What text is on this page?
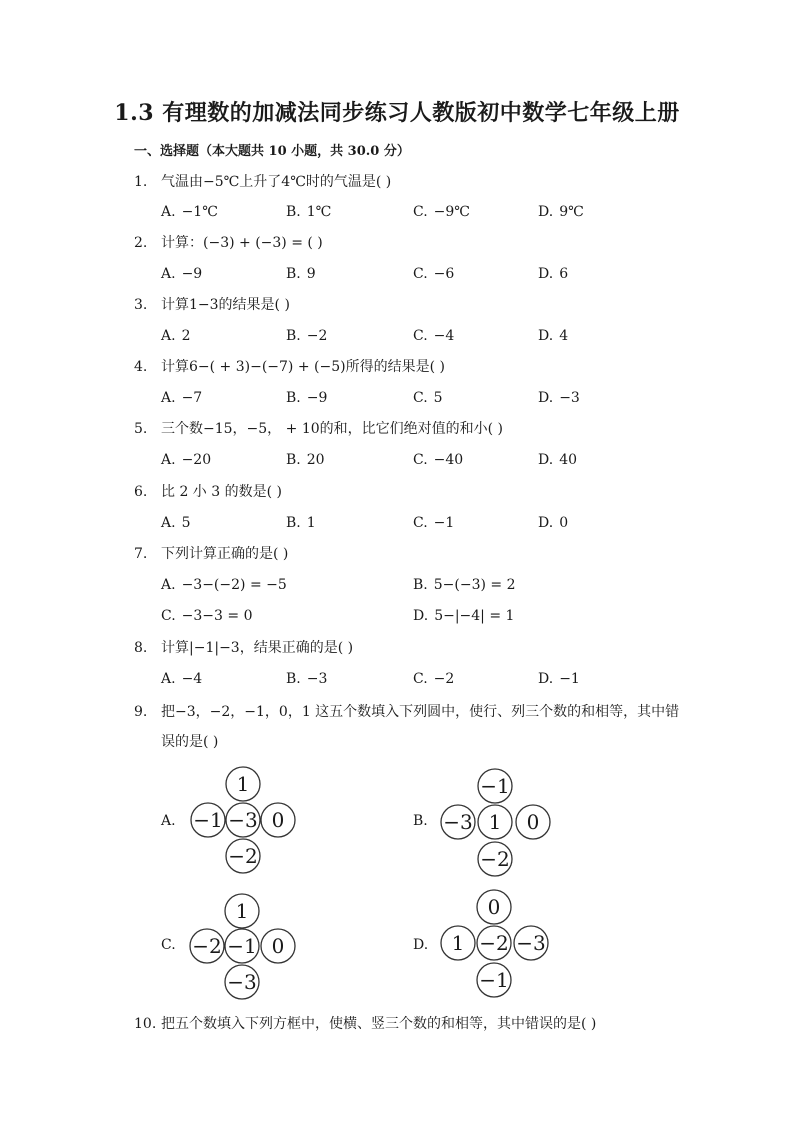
1.3 有理数的加减法同步练习人教版初中数学七年级上册
一、选择题（本大题共 10 小题，共 30.0 分）
1. 气温由−5℃上升了4℃时的气温是( )
A. −1℃	B. 1℃	C. −9℃	D. 9℃
2. 计算：(−3) + (−3) = ( )
A. −9	B. 9	C. −6	D. 6
3. 计算1−3的结果是( )
A. 2	B. −2	C. −4	D. 4
4. 计算6−( + 3)−(−7) + (−5)所得的结果是( )
A. −7	B. −9	C. 5	D. −3
5. 三个数−15，−5， + 10的和，比它们绝对值的和小( )
A. −20	B. 20	C. −40	D. 40
6. 比 2 小 3 的数是( )
A. 5	B. 1	C. −1	D. 0
7. 下列计算正确的是( )
A. −3−(−2) = −5	B. 5−(−3) = 2
C. −3−3 = 0	D. 5−|−4| = 1
8. 计算|−1|−3，结果正确的是( )
A. −4	B. −3	C. −2	D. −1
9. 把−3，−2，−1，0，1 这五个数填入下列圆中，使行、列三个数的和相等，其中错
误的是( )
A.
1
−1 −3 0
−2
B.
−1
−3 1 0
−2
C.
1
−2 −1 0
−3
D.
0
1 −2 −3
−1
10. 把五个数填入下列方框中，使横、竖三个数的和相等，其中错误的是( )
